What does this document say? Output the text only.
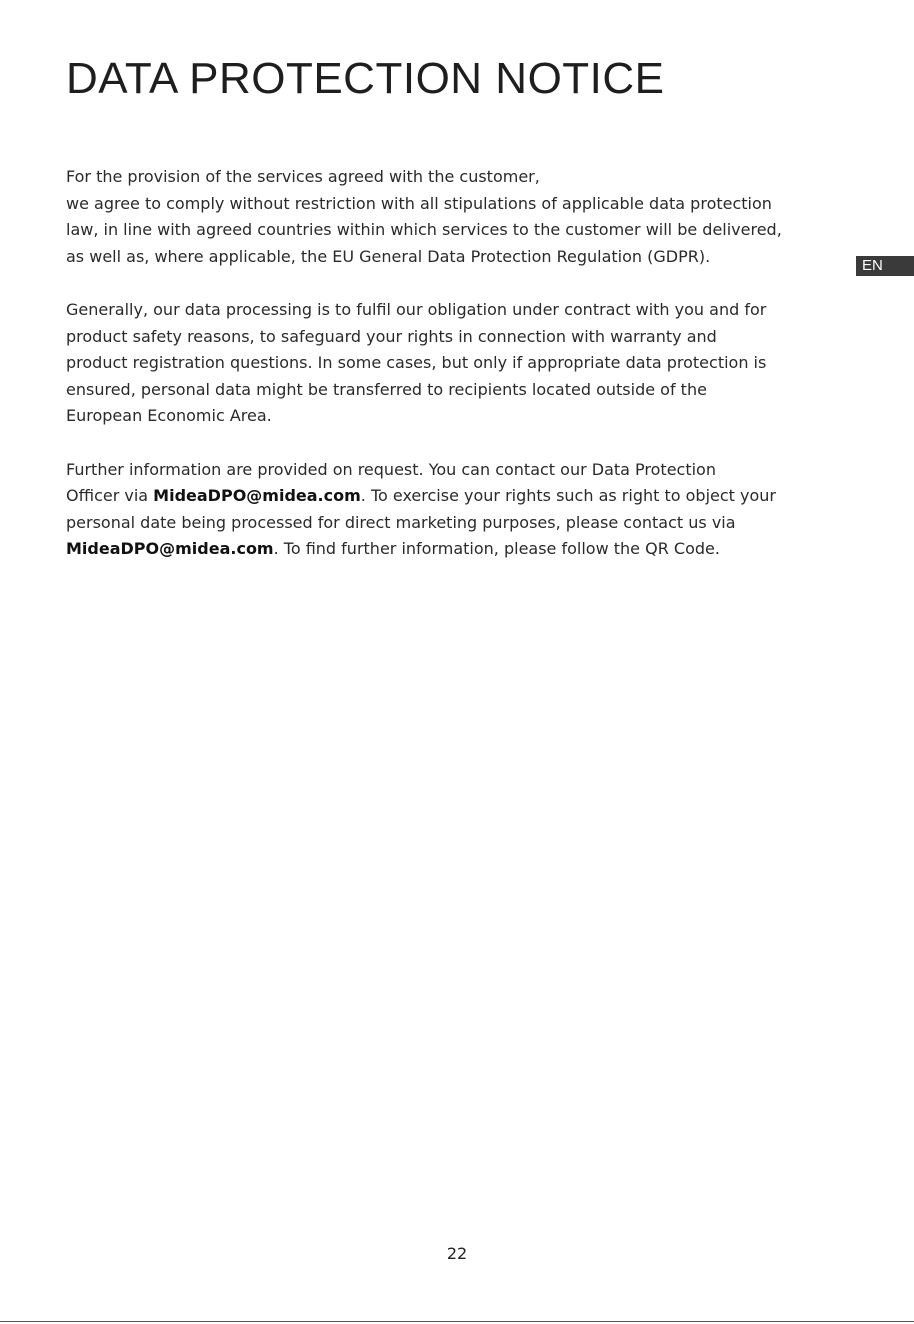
DATA PROTECTION NOTICE
EN

For the provision of the services agreed with the customer,
we agree to comply without restriction with all stipulations of applicable data protection
law, in line with agreed countries within which services to the customer will be delivered,
as well as, where applicable, the EU General Data Protection Regulation (GDPR).

Generally, our data processing is to fulfil our obligation under contract with you and for
product safety reasons, to safeguard your rights in connection with warranty and
product registration questions. In some cases, but only if appropriate data protection is
ensured, personal data might be transferred to recipients located outside of the
European Economic Area.

Further information are provided on request. You can contact our Data Protection
Officer via MideaDPO@midea.com. To exercise your rights such as right to object your
personal date being processed for direct marketing purposes, please contact us via
MideaDPO@midea.com. To find further information, please follow the QR Code.

22
